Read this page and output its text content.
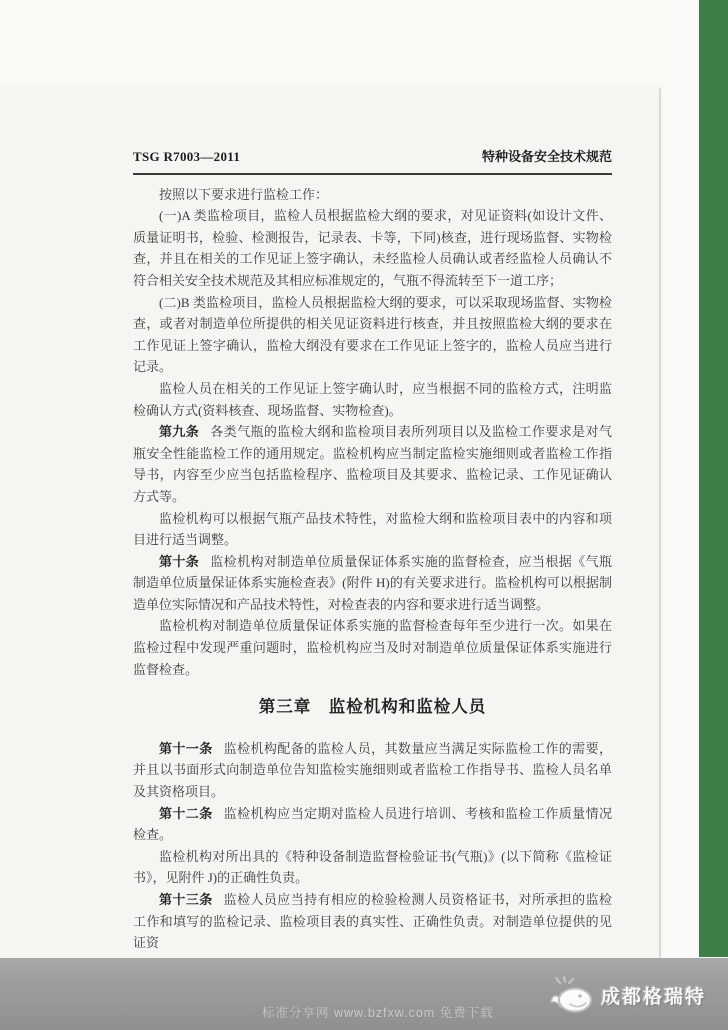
TSG R7003—2011	特种设备安全技术规范
按照以下要求进行监检工作：
(一)A 类监检项目，监检人员根据监检大纲的要求，对见证资料(如设计文件、质量证明书，检验、检测报告，记录表、卡等，下同)核查，进行现场监督、实物检查，并且在相关的工作见证上签字确认，未经监检人员确认或者经监检人员确认不符合相关安全技术规范及其相应标准规定的，气瓶不得流转至下一道工序；
(二)B 类监检项目，监检人员根据监检大纲的要求，可以采取现场监督、实物检查，或者对制造单位所提供的相关见证资料进行核查，并且按照监检大纲的要求在工作见证上签字确认，监检大纲没有要求在工作见证上签字的，监检人员应当进行记录。
监检人员在相关的工作见证上签字确认时，应当根据不同的监检方式，注明监检确认方式(资料核查、现场监督、实物检查)。
第九条 各类气瓶的监检大纲和监检项目表所列项目以及监检工作要求是对气瓶安全性能监检工作的通用规定。监检机构应当制定监检实施细则或者监检工作指导书，内容至少应当包括监检程序、监检项目及其要求、监检记录、工作见证确认方式等。
监检机构可以根据气瓶产品技术特性，对监检大纲和监检项目表中的内容和项目进行适当调整。
第十条 监检机构对制造单位质量保证体系实施的监督检查，应当根据《气瓶制造单位质量保证体系实施检查表》(附件 H)的有关要求进行。监检机构可以根据制造单位实际情况和产品技术特性，对检查表的内容和要求进行适当调整。
监检机构对制造单位质量保证体系实施的监督检查每年至少进行一次。如果在监检过程中发现严重问题时，监检机构应当及时对制造单位质量保证体系实施进行监督检查。
第三章　监检机构和监检人员
第十一条 监检机构配备的监检人员，其数量应当满足实际监检工作的需要，并且以书面形式向制造单位告知监检实施细则或者监检工作指导书、监检人员名单及其资格项目。
第十二条 监检机构应当定期对监检人员进行培训、考核和监检工作质量情况检查。
监检机构对所出具的《特种设备制造监督检验证书(气瓶)》(以下简称《监检证书》，见附件 J)的正确性负责。
第十三条 监检人员应当持有相应的检验检测人员资格证书，对所承担的监检工作和填写的监检记录、监检项目表的真实性、正确性负责。对制造单位提供的见证资
标准分享网 www.bzfxw.com 免费下载
成都格瑞特
